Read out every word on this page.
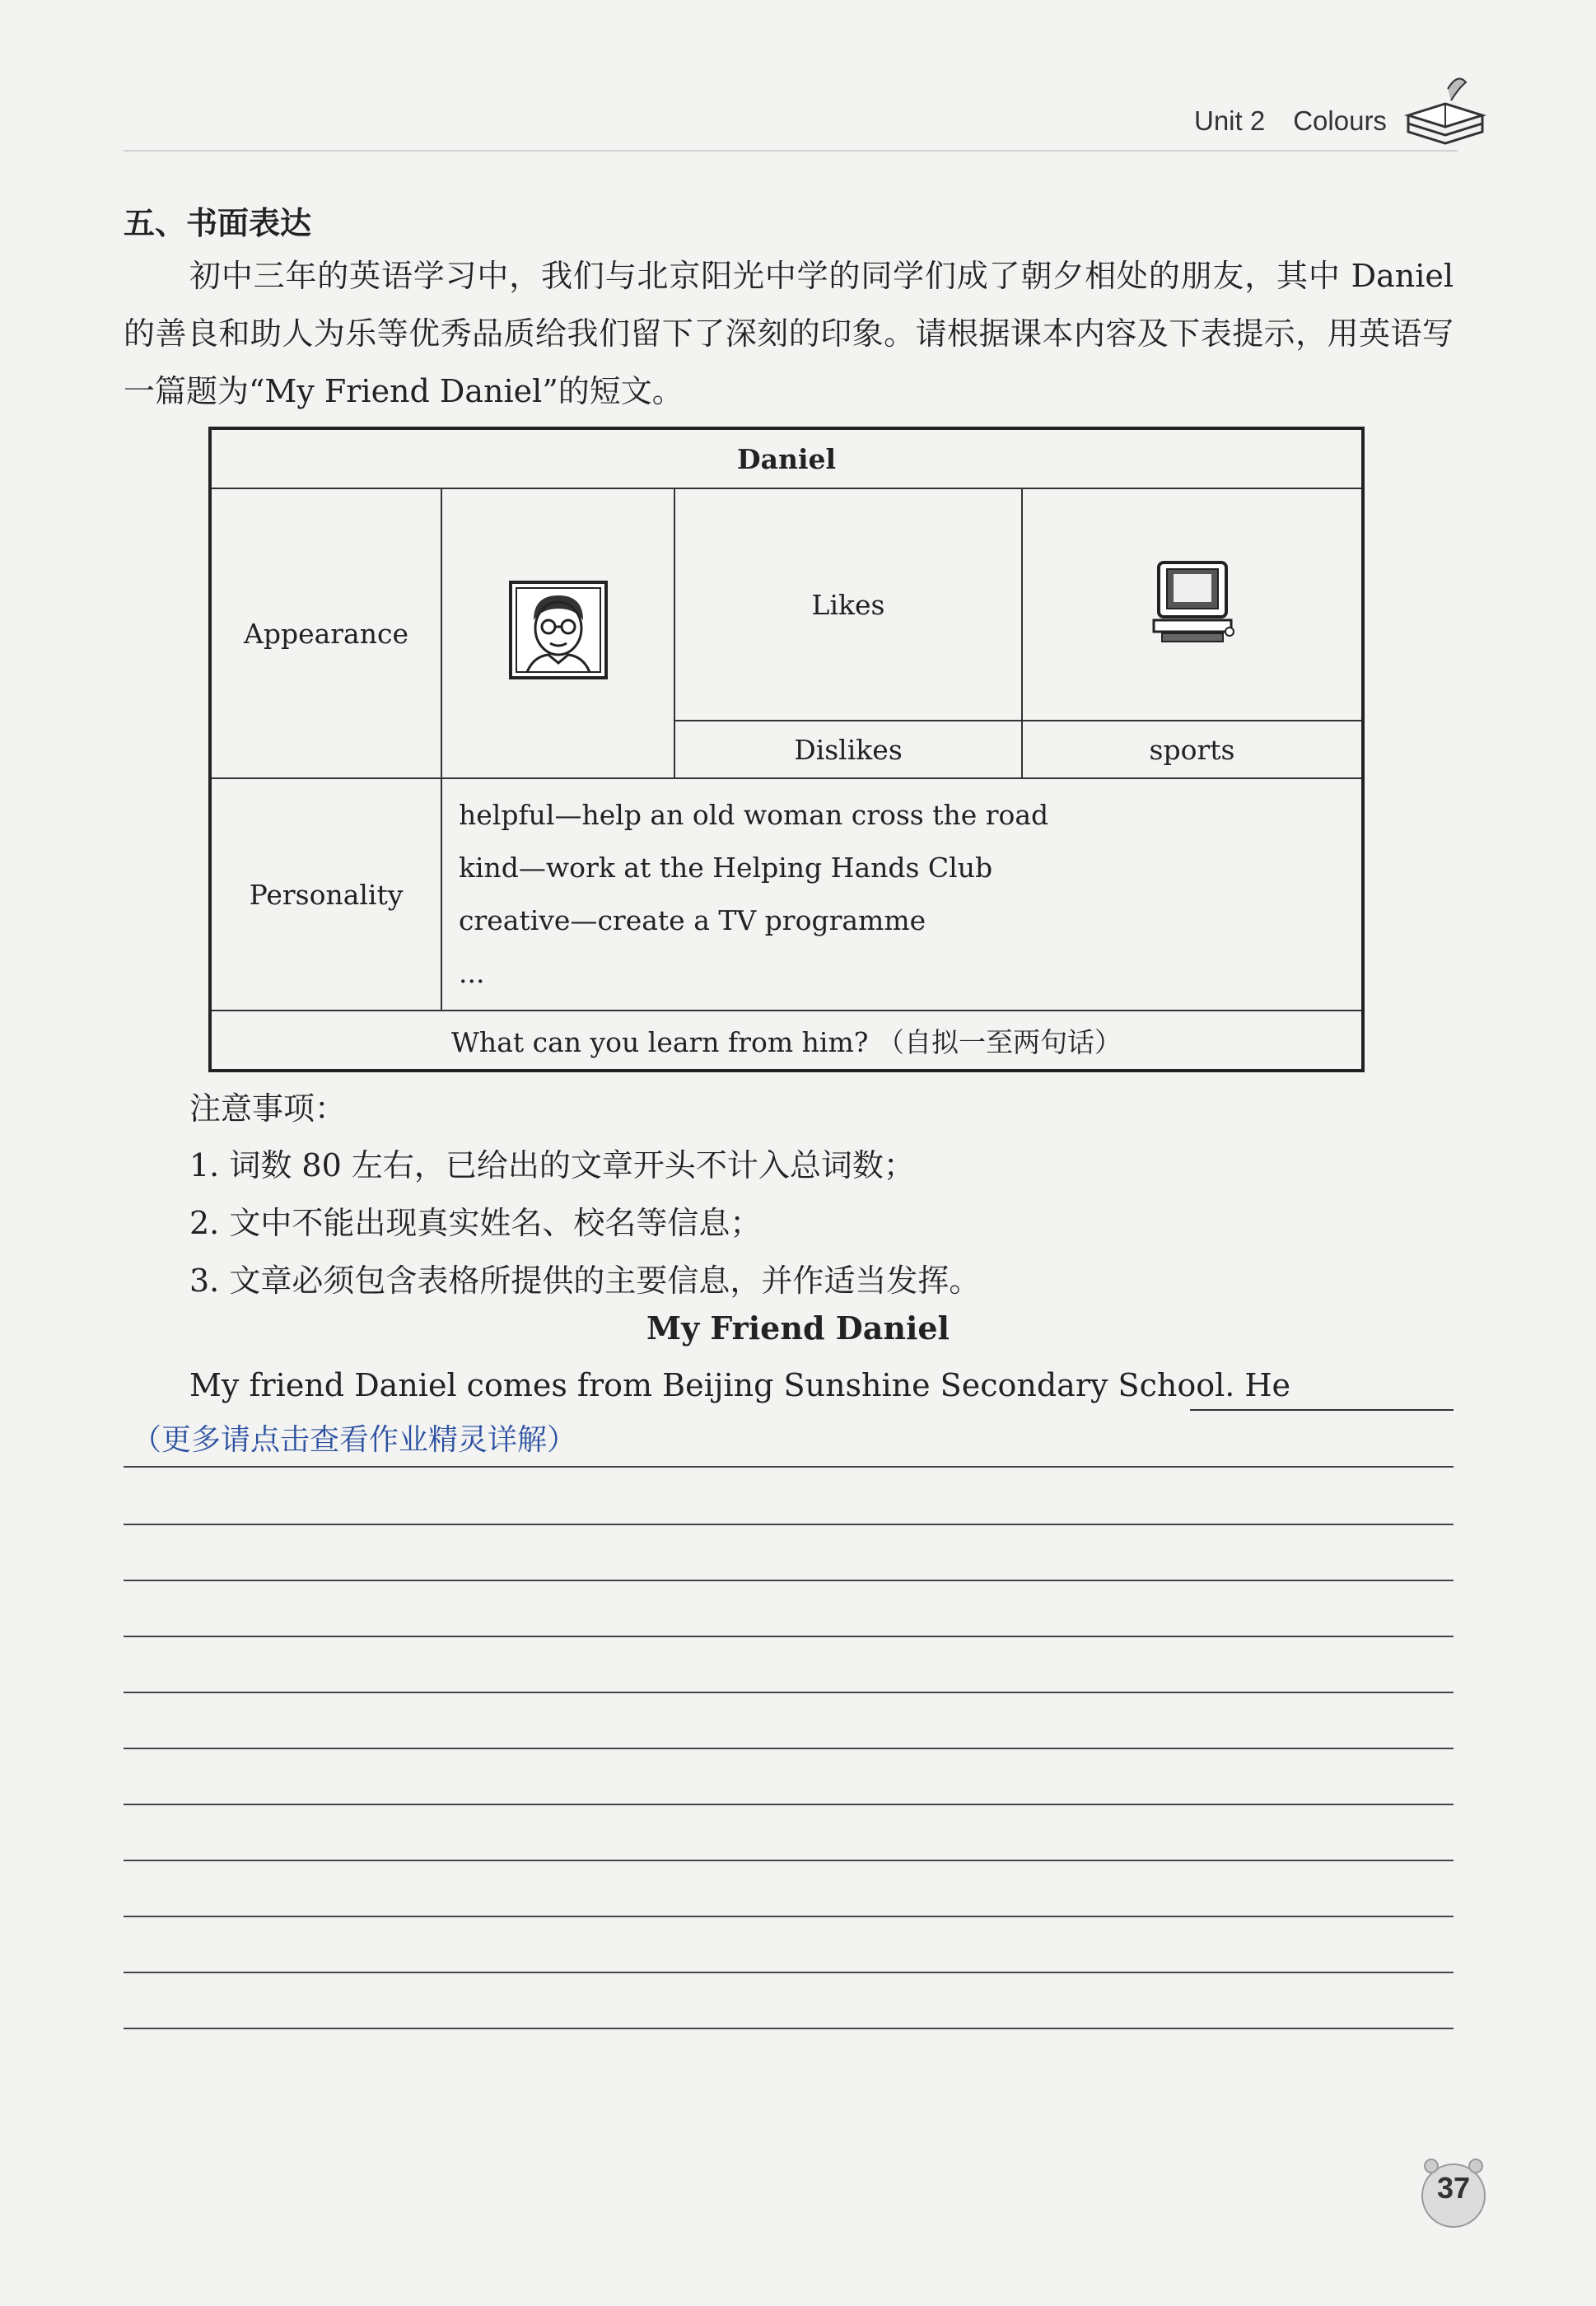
Unit 2 Colours
五、书面表达
初中三年的英语学习中，我们与北京阳光中学的同学们成了朝夕相处的朋友，其中 Daniel 的善良和助人为乐等优秀品质给我们留下了深刻的印象。请根据课本内容及下表提示，用英语写一篇题为“My Friend Daniel”的短文。
Daniel			
Appearance		Likes	
		Dislikes	sports
Personality	helpful—help an old woman cross the road
kind—work at the Helping Hands Club
creative—create a TV programme
...		

What can you learn from him? （自拟一至两句话）			
注意事项：
1. 词数 80 左右，已给出的文章开头不计入总词数；
2. 文中不能出现真实姓名、校名等信息；
3. 文章必须包含表格所提供的主要信息，并作适当发挥。
My Friend Daniel
My friend Daniel comes from Beijing Sunshine Secondary School. He
（更多请点击查看作业精灵详解）
37
